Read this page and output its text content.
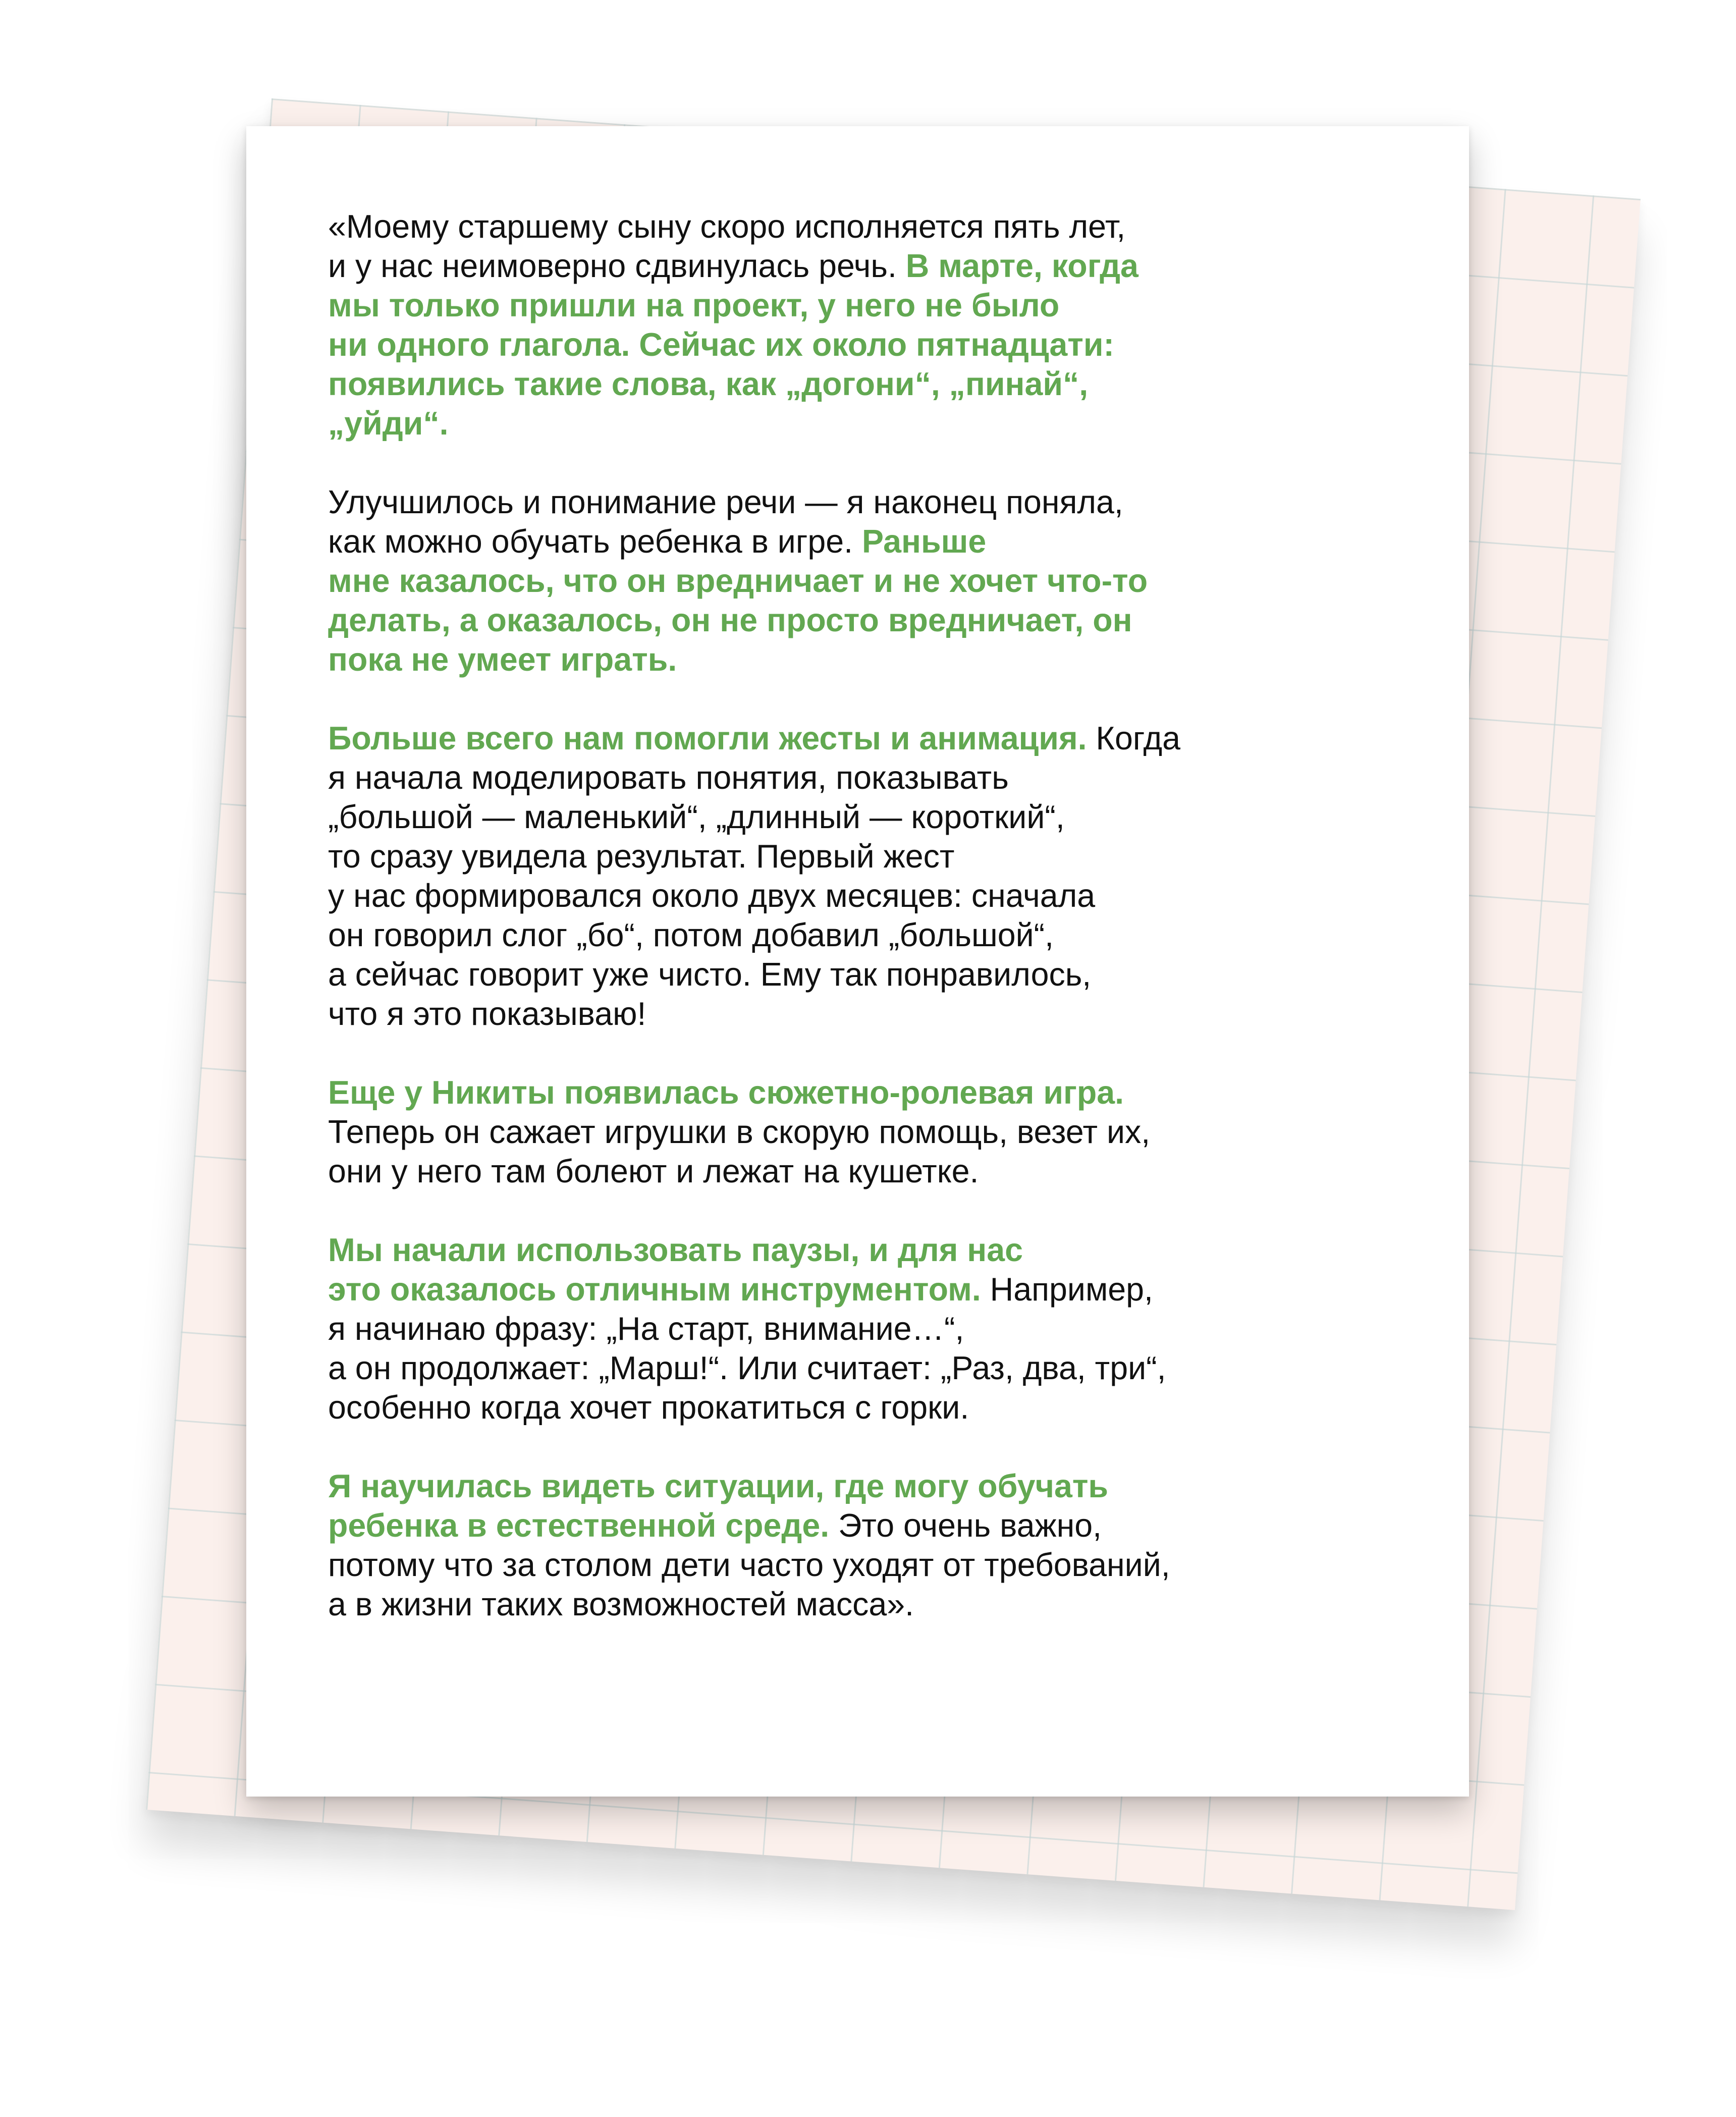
«Моему старшему сыну скоро исполняется пять лет,
и у нас неимоверно сдвинулась речь. В марте, когда
мы только пришли на проект, у него не было
ни одного глагола. Сейчас их около пятнадцати:
появились такие слова, как „догони“, „пинай“,
„уйди“.
Улучшилось и понимание речи — я наконец поняла,
как можно обучать ребенка в игре. Раньше
мне казалось, что он вредничает и не хочет что-то
делать, а оказалось, он не просто вредничает, он
пока не умеет играть.
Больше всего нам помогли жесты и анимация. Когда
я начала моделировать понятия, показывать
„большой — маленький“, „длинный — короткий“,
то сразу увидела результат. Первый жест
у нас формировался около двух месяцев: сначала
он говорил слог „бо“, потом добавил „большой“,
а сейчас говорит уже чисто. Ему так понравилось,
что я это показываю!
Еще у Никиты появилась сюжетно-ролевая игра.
Теперь он сажает игрушки в скорую помощь, везет их,
они у него там болеют и лежат на кушетке.
Мы начали использовать паузы, и для нас
это оказалось отличным инструментом. Например,
я начинаю фразу: „На старт, внимание…“,
а он продолжает: „Марш!“. Или считает: „Раз, два, три“,
особенно когда хочет прокатиться с горки.
Я научилась видеть ситуации, где могу обучать
ребенка в естественной среде. Это очень важно,
потому что за столом дети часто уходят от требований,
а в жизни таких возможностей масса».
